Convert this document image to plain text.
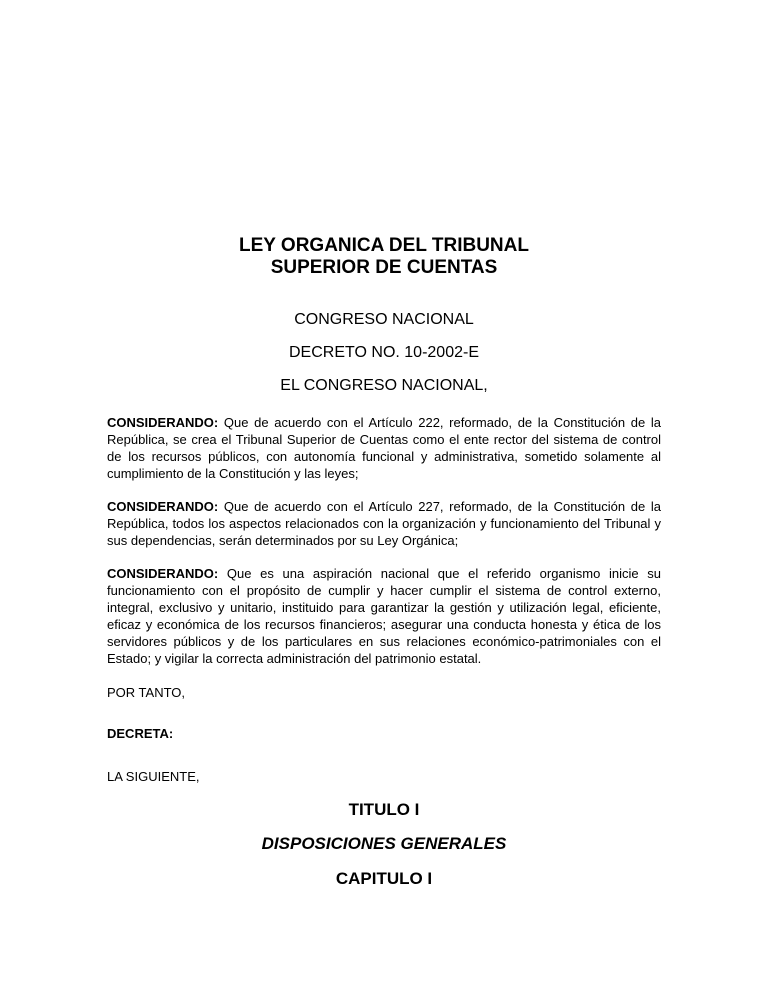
LEY ORGANICA DEL TRIBUNAL
SUPERIOR DE CUENTAS
CONGRESO NACIONAL
DECRETO NO. 10-2002-E
EL CONGRESO NACIONAL,
CONSIDERANDO: Que de acuerdo con el Artículo 222, reformado, de la Constitución de la República, se crea el Tribunal Superior de Cuentas como el ente rector del sistema de control de los recursos públicos, con autonomía funcional y administrativa, sometido solamente al cumplimiento de la Constitución y las leyes;
CONSIDERANDO: Que de acuerdo con el Artículo 227, reformado, de la Constitución de la República, todos los aspectos relacionados con la organización y funcionamiento del Tribunal y sus dependencias, serán determinados por su Ley Orgánica;
CONSIDERANDO: Que es una aspiración nacional que el referido organismo inicie su funcionamiento con el propósito de cumplir y hacer cumplir el sistema de control externo, integral, exclusivo y unitario, instituido para garantizar la gestión y utilización legal, eficiente, eficaz y económica de los recursos financieros; asegurar una conducta honesta y ética de los servidores públicos y de los particulares en sus relaciones económico-patrimoniales con el Estado; y vigilar la correcta administración del patrimonio estatal.
POR TANTO,
DECRETA:
LA SIGUIENTE,
TITULO I
DISPOSICIONES GENERALES
CAPITULO I
